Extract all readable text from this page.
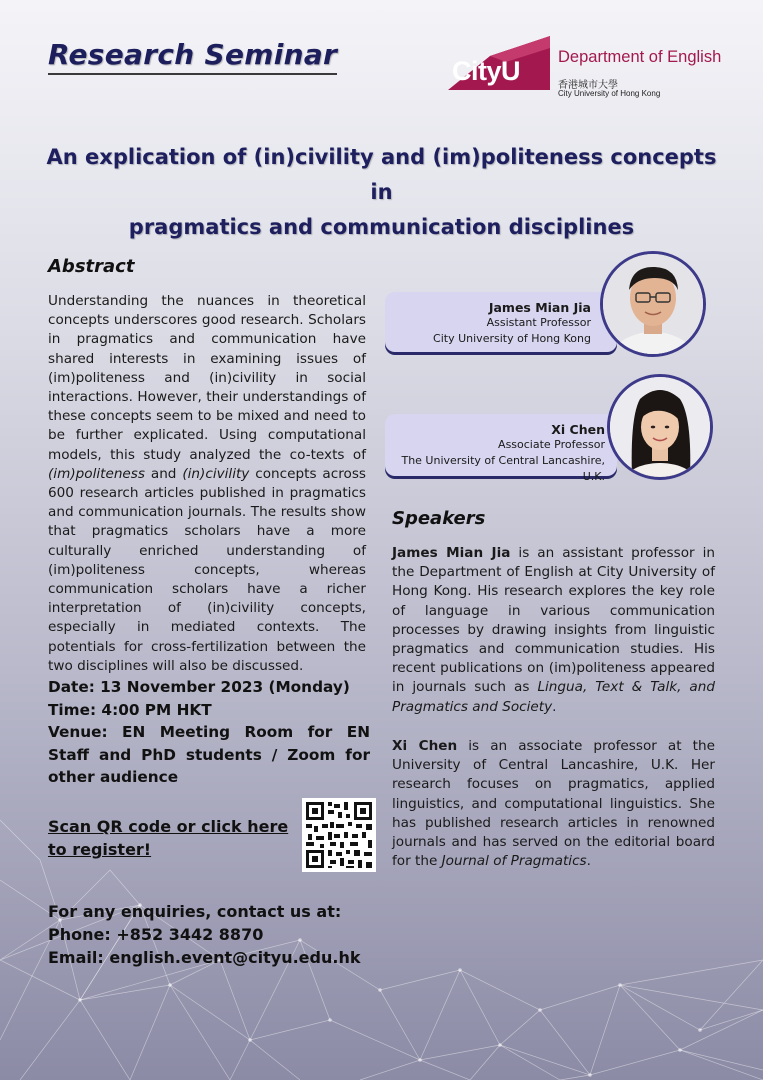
Research Seminar	CityU Department of English
香港城市大學
City University of Hong Kong
An explication of (in)civility and (im)politeness concepts in
pragmatics and communication disciplines
Abstract
Understanding the nuances in theoretical concepts underscores good research. Scholars in pragmatics and communication have shared interests in examining issues of (im)politeness and (in)civility in social interactions. However, their understandings of these concepts seem to be mixed and need to be further explicated. Using computational models, this study analyzed the co-texts of (im)politeness and (in)civility concepts across 600 research articles published in pragmatics and communication journals. The results show that pragmatics scholars have a more culturally enriched understanding of (im)politeness concepts, whereas communication scholars have a richer interpretation of (in)civility concepts, especially in mediated contexts. The potentials for cross-fertilization between the two disciplines will also be discussed.
Date: 13 November 2023 (Monday)
Time: 4:00 PM HKT
Venue: EN Meeting Room for EN Staff and PhD students / Zoom for other audience
Scan QR code or click here to register!
For any enquiries, contact us at:
Phone: +852 3442 8870
Email: english.event@cityu.edu.hk
James Mian Jia
Assistant Professor
City University of Hong Kong
Xi Chen
Associate Professor
The University of Central Lancashire, U.K.
Speakers
James Mian Jia is an assistant professor in the Department of English at City University of Hong Kong. His research explores the key role of language in various communication processes by drawing insights from linguistic pragmatics and communication studies. His recent publications on (im)politeness appeared in journals such as Lingua, Text & Talk, and Pragmatics and Society.
Xi Chen is an associate professor at the University of Central Lancashire, U.K. Her research focuses on pragmatics, applied linguistics, and computational linguistics. She has published research articles in renowned journals and has served on the editorial board for the Journal of Pragmatics.
